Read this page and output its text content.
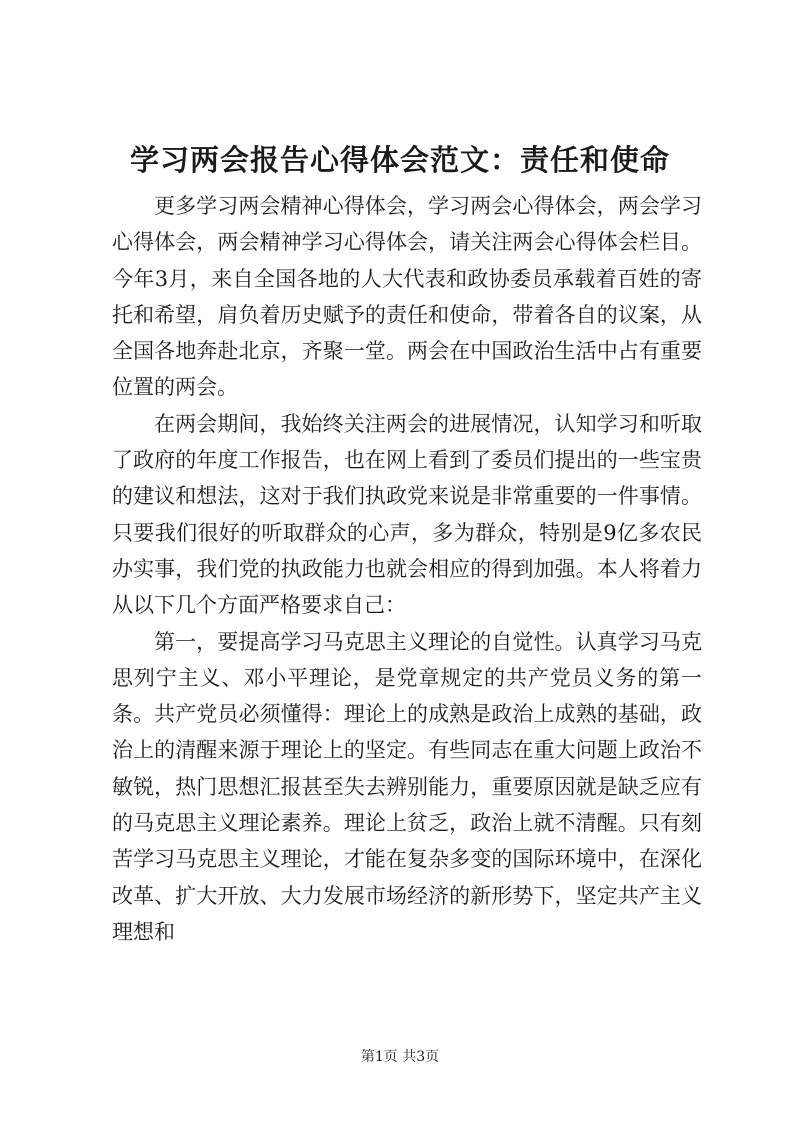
学习两会报告心得体会范文：责任和使命

更多学习两会精神心得体会，学习两会心得体会，两会学习心得体会，两会精神学习心得体会，请关注两会心得体会栏目。今年3月，来自全国各地的人大代表和政协委员承载着百姓的寄托和希望，肩负着历史赋予的责任和使命，带着各自的议案，从全国各地奔赴北京，齐聚一堂。两会在中国政治生活中占有重要位置的两会。

在两会期间，我始终关注两会的进展情况，认知学习和听取了政府的年度工作报告，也在网上看到了委员们提出的一些宝贵的建议和想法，这对于我们执政党来说是非常重要的一件事情。只要我们很好的听取群众的心声，多为群众，特别是9亿多农民办实事，我们党的执政能力也就会相应的得到加强。本人将着力从以下几个方面严格要求自己：

第一，要提高学习马克思主义理论的自觉性。认真学习马克思列宁主义、邓小平理论，是党章规定的共产党员义务的第一条。共产党员必须懂得：理论上的成熟是政治上成熟的基础，政治上的清醒来源于理论上的坚定。有些同志在重大问题上政治不敏锐，热门思想汇报甚至失去辨别能力，重要原因就是缺乏应有的马克思主义理论素养。理论上贫乏，政治上就不清醒。只有刻苦学习马克思主义理论，才能在复杂多变的国际环境中，在深化改革、扩大开放、大力发展市场经济的新形势下，坚定共产主义理想和

第1页 共3页
